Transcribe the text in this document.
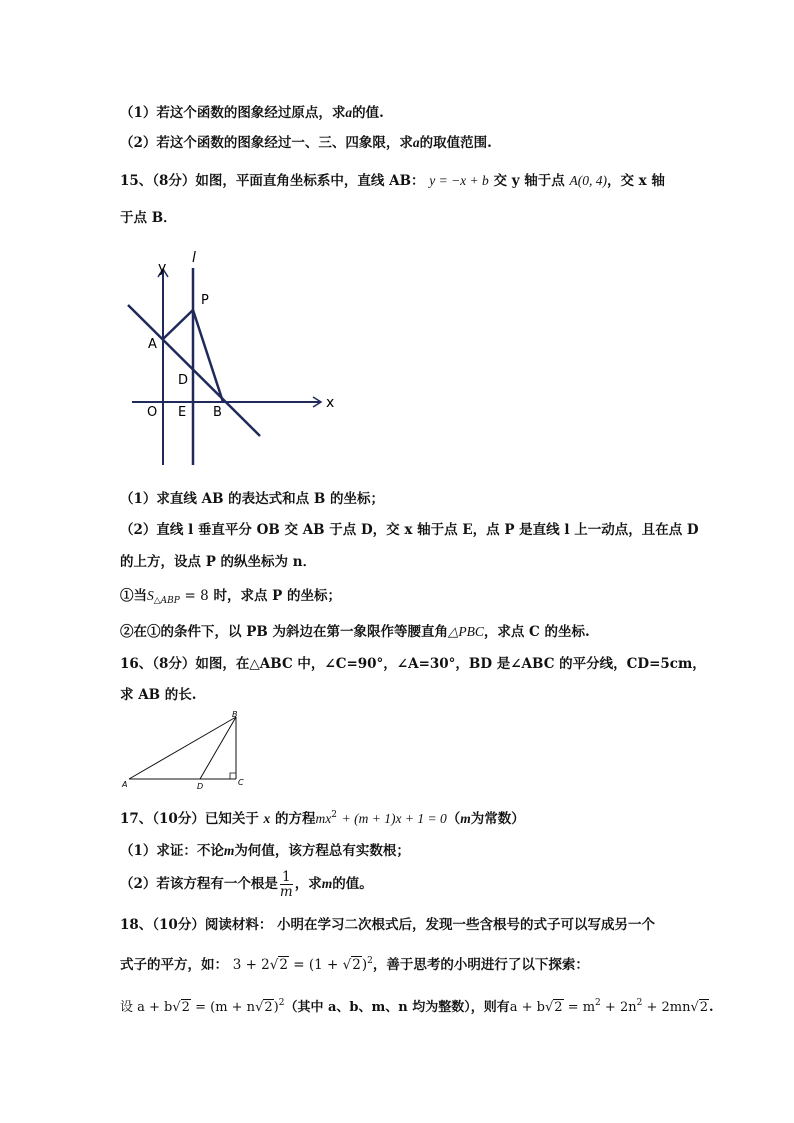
（1）若这个函数的图象经过原点，求a的值.
（2）若这个函数的图象经过一、三、四象限，求a的取值范围.
15、（8分）如图，平面直角坐标系中，直线 AB： y = −x + b 交 y 轴于点 A(0, 4)，交 x 轴
于点 B．
y
l
x
P
A
D
O E B
（1）求直线 AB 的表达式和点 B 的坐标；
（2）直线 l 垂直平分 OB 交 AB 于点 D，交 x 轴于点 E，点 P 是直线 l 上一动点，且在点 D
的上方，设点 P 的纵坐标为 n．
①当$S_{\triangle ABP} = 8$ 时，求点 P 的坐标；
②在①的条件下，以 PB 为斜边在第一象限作等腰直角△PBC，求点 C 的坐标.
16、（8分）如图，在△ABC 中，∠C=90°，∠A=30°，BD 是∠ABC 的平分线，CD=5cm，
求 AB 的长.
B
A	D	C
17、（10分）已知关于 x 的方程$mx^2 + (m + 1)x + 1 = 0(m$为常数）
（1）求证：不论m为何值，该方程总有实数根；
（2）若该方程有一个根是 $\frac{1}{m}$ ，求m的值。
18、（10分）阅读材料： 小明在学习二次根式后，发现一些含根号的式子可以写成另一个
式子的平方，如： $3 + 2√2 = (1 + √2)^2$，善于思考的小明进行了以下探索：
设 $a + b√2 = (m + n√2)^2$（其中 a、b、m、n 均为整数），则有$a + b√2 = m^2 + 2n^2 + 2mn√2$.
